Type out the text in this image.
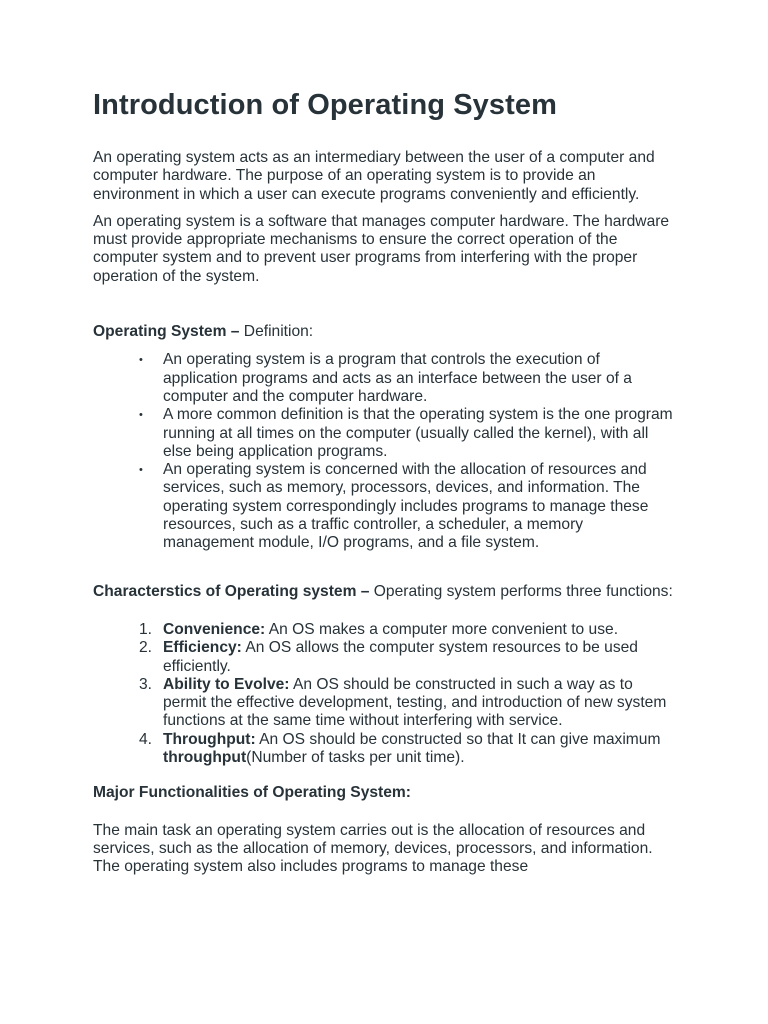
Introduction of Operating System

An operating system acts as an intermediary between the user of a computer and computer hardware. The purpose of an operating system is to provide an environment in which a user can execute programs conveniently and efficiently.

An operating system is a software that manages computer hardware. The hardware must provide appropriate mechanisms to ensure the correct operation of the computer system and to prevent user programs from interfering with the proper operation of the system.

Operating System – Definition:

• An operating system is a program that controls the execution of application programs and acts as an interface between the user of a computer and the computer hardware.
• A more common definition is that the operating system is the one program running at all times on the computer (usually called the kernel), with all else being application programs.
• An operating system is concerned with the allocation of resources and services, such as memory, processors, devices, and information. The operating system correspondingly includes programs to manage these resources, such as a traffic controller, a scheduler, a memory management module, I/O programs, and a file system.

Characterstics of Operating system – Operating system performs three functions:

1. Convenience: An OS makes a computer more convenient to use.
2. Efficiency: An OS allows the computer system resources to be used efficiently.
3. Ability to Evolve: An OS should be constructed in such a way as to permit the effective development, testing, and introduction of new system functions at the same time without interfering with service.
4. Throughput: An OS should be constructed so that It can give maximum throughput(Number of tasks per unit time).

Major Functionalities of Operating System:

The main task an operating system carries out is the allocation of resources and services, such as the allocation of memory, devices, processors, and information. The operating system also includes programs to manage these
